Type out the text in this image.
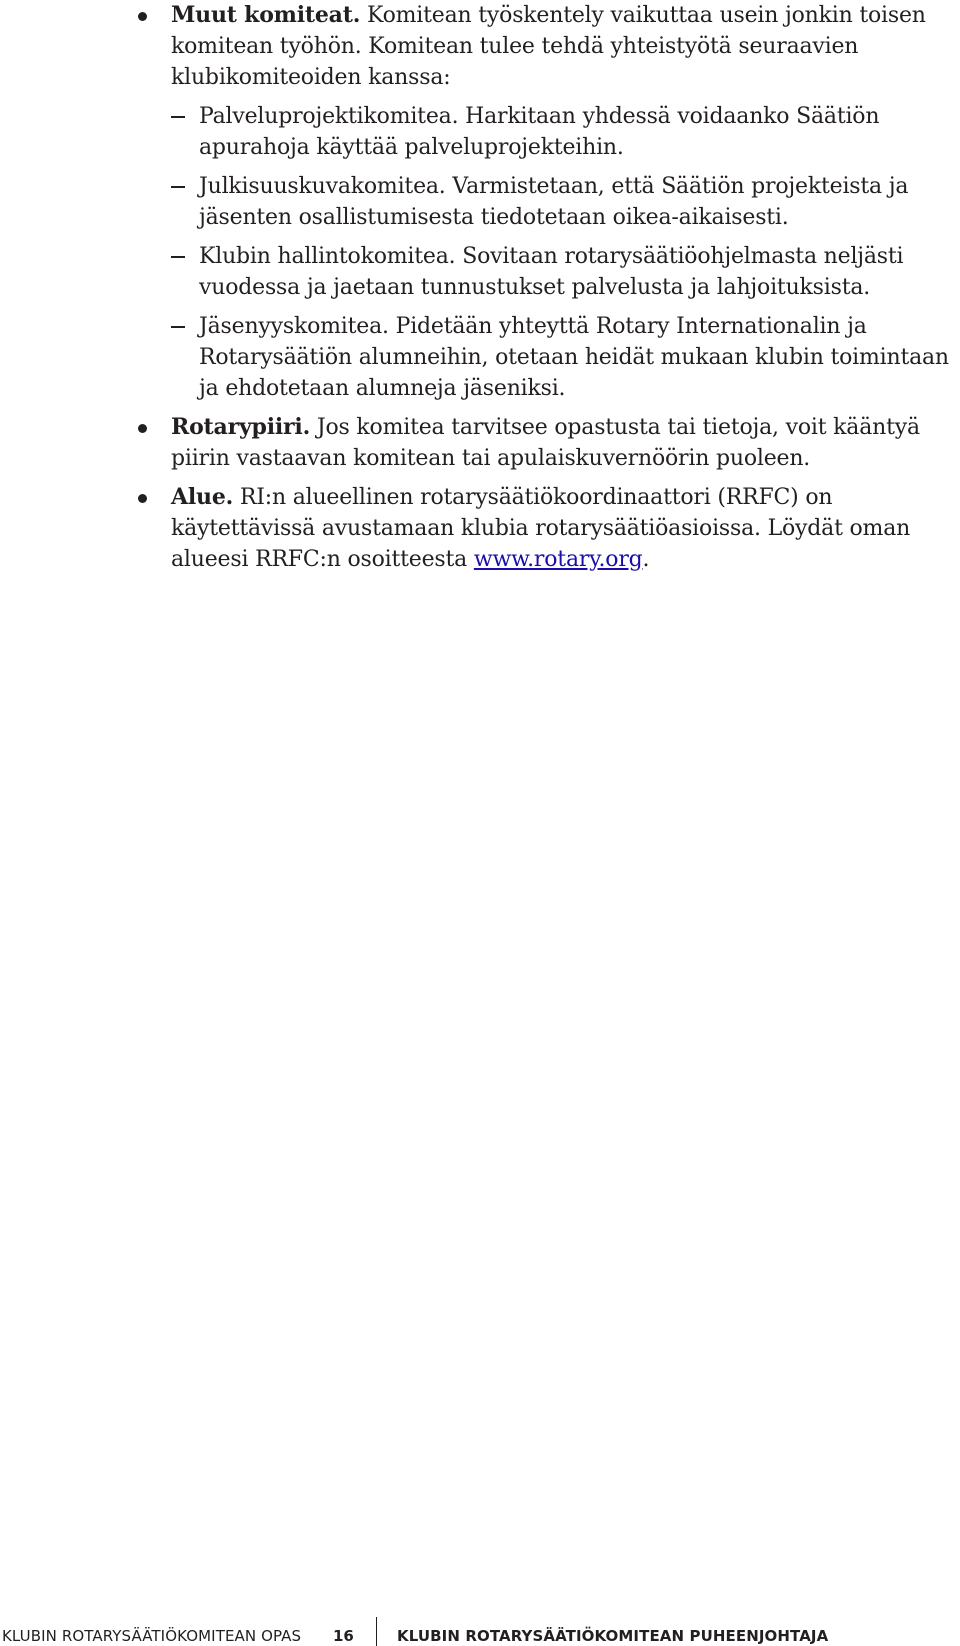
Muut komiteat. Komitean työskentely vaikuttaa usein jonkin toisen komitean työhön. Komitean tulee tehdä yhteistyötä seuraavien klubikomiteoiden kanssa:
Palveluprojektikomitea. Harkitaan yhdessä voidaanko Säätiön apurahoja käyttää palveluprojekteihin.
Julkisuuskuvakomitea. Varmistetaan, että Säätiön projekteista ja jäsenten osallistumisesta tiedotetaan oikea-aikaisesti.
Klubin hallintokomitea. Sovitaan rotarysäätiöohjelmasta neljästi vuodessa ja jaetaan tunnustukset palvelusta ja lahjoituksista.
Jäsenyyskomitea. Pidetään yhteyttä Rotary Internationalin ja Rotarysäätiön alumneihin, otetaan heidät mukaan klubin toimintaan ja ehdotetaan alumneja jäseniksi.
Rotarypiiri. Jos komitea tarvitsee opastusta tai tietoja, voit kääntyä piirin vastaavan komitean tai apulaiskuvernöörin puoleen.
Alue. RI:n alueellinen rotarysäätiökoordinaattori (RRFC) on käytettävissä avustamaan klubia rotarysäätiöasioissa. Löydät oman alueesi RRFC:n osoitteesta www.rotary.org.
KLUBIN ROTARYSÄÄTIÖKOMITEAN OPAS 16	KLUBIN ROTARYSÄÄTIÖKOMITEAN PUHEENJOHTAJA
